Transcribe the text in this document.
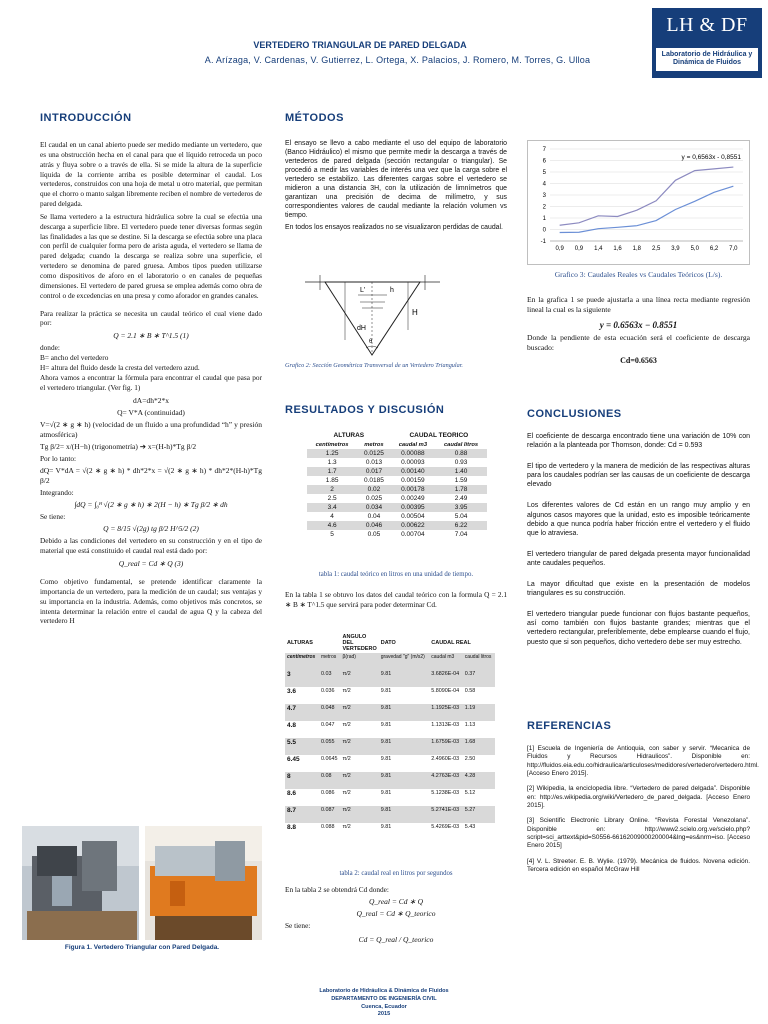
LH & DF
Laboratorio de Hidráulica y Dinámica de Fluidos
VERTEDERO TRIANGULAR DE PARED DELGADA
A. Arízaga, V. Cardenas, V. Gutierrez, L. Ortega, X. Palacios, J. Romero, M. Torres, G. Ulloa
INTRODUCCIÓN

El caudal en un canal abierto puede ser medido mediante un vertedero, que es una obstrucción hecha en el canal para que el líquido retroceda un poco atrás y fluya sobre o a través de ella. Si se mide la altura de la superficie líquida de la corriente arriba es posible determinar el caudal. Los vertederos, construidos con una hoja de metal u otro material, que permitan que el chorro o manto salgan libremente reciben el nombre de vertederos de pared delgada.

Se llama vertedero a la estructura hidráulica sobre la cual se efectúa una descarga a superficie libre. El vertedero puede tener diversas formas según las finalidades a las que se destine. Si la descarga se efectúa sobre una placa con perfil de cualquier forma pero de arista aguda, el vertedero se llama de pared delgada; cuando la descarga se realiza sobre una superficie, el vertedero se denomina de pared gruesa. Ambos tipos pueden utilizarse como dispositivos de aforo en el laboratorio o en canales de pequeñas dimensiones. El vertedero de pared gruesa se emplea además como obra de control o de excedencias en una presa y como aforador en grandes canales.

Para realizar la práctica se necesita un caudal teórico el cual viene dado por:

Q = 2.1 ∗ B ∗ T^1.5 (1)
donde:
B= ancho del vertedero
H= altura del fluido desde la cresta del vertedero azud.

Ahora vamos a encontrar la fórmula para encontrar el caudal que pasa por el vertedero triangular. (Ver fig. 1)

dA=dh*2*x
Q= V*A (continuidad)
V=√(2 ∗ g ∗ h) (velocidad de un fluido a una profundidad “h” y presión atmosférica)
Tg β/2= x/(H−h) (trigonometría) ➔ x=(H-h)*Tg β/2
Por lo tanto:
dQ= V*dA = √(2 ∗ g ∗ h) * dh*2*x = √(2 ∗ g ∗ h) * dh*2*(H-h)*Tg β/2
Integrando:
∫dQ = ∫₀ᴴ √(2 ∗ g ∗ h) ∗ 2(H − h) ∗ Tg β/2 ∗ dh
Se tiene:
Q = 8/15 √(2g) tg β/2 H^5/2 (2)

Debido a las condiciones del vertedero en su construcción y en el tipo de material que está constituido el caudal real está dado por:

Q_real = Cd ∗ Q (3)

Como objetivo fundamental, se pretende identificar claramente la importancia de un vertedero, para la medición de un caudal; sus ventajas y su importancia en la industria. Además, como objetivos más concretos, se intenta determinar la relación entre el caudal de agua Q y la cabeza del vertedero H

Figura 1. Vertedero Triangular con Pared Delgada.
MÉTODOS

El ensayo se llevo a cabo mediante el uso del equipo de laboratorio (Banco Hidráulico) el mismo que permite medir la descarga a través de vertederos de pared delgada (sección rectangular o triangular). Se procedió a medir las variables de interés una vez que la carga sobre el vertedero se estabilizo. Las diferentes cargas sobre el vertedero se midieron a una distancia 3H, con la utilización de limnímetros que garantizan una precisión de decima de milímetro, y sus correspondientes valores de caudal mediante la relación volumen vs tiempo.

En todos los ensayos realizados no se visualizaron perdidas de caudal.

L'	h
H
dH
θ
Grafico 2: Sección Geométrica Transversal de un Vertedero Triangular.
RESULTADOS Y DISCUSIÓN
ALTURAS		CAUDAL TEORICO	
centímetros	metros	caudal m3	caudal litros
1.25	0.0125	0.00088	0.88
1.3	0.013	0.00093	0.93
1.7	0.017	0.00140	1.40
1.85	0.0185	0.00159	1.59
2	0.02	0.00178	1.78
2.5	0.025	0.00249	2.49
3.4	0.034	0.00395	3.95
4	0.04	0.00504	5.04
4.6	0.046	0.00622	6.22
5	0.05	0.00704	7.04
tabla 1: caudal teórico en litros en una unidad de tiempo.
En la tabla 1 se obtuvo los datos del caudal teórico con la formula Q = 2.1 ∗ B ∗ T^1.5 que servirá para poder determinar Cd.
ALTURAS		ANGULO DEL VERTEDERO	DATO	CAUDAL REAL	
centímetros	metros	β(rad)	gravedad "g" (m/s2)	caudal m3	caudal litros
3	0.03	π/2	9.81	3.6826E-04	0.37
3.6	0.036	π/2	9.81	5.8090E-04	0.58
4.7	0.048	π/2	9.81	1.1925E-03	1.19
4.8	0.047	π/2	9.81	1.1313E-03	1.13
5.5	0.055	π/2	9.81	1.6759E-03	1.68
6.45	0.0645	π/2	9.81	2.4960E-03	2.50
8	0.08	π/2	9.81	4.2763E-03	4.28
8.6	0.086	π/2	9.81	5.1238E-03	5.12
8.7	0.087	π/2	9.81	5.2741E-03	5.27
8.8	0.088	π/2	9.81	5.4269E-03	5.43
tabla 2: caudal real en litros por segundos
En la tabla 2 se obtendrá Cd donde:
Q_real = Cd ∗ Q
Q_real = Cd ∗ Q_teorico
Se tiene:
Cd = Q_real / Q_teorico
-1
0
1
2
3
4
5
6
7
0,9 0,9 1,4 1,6 1,8 2,5 3,9 5,0 6,2 7,0
y = 0,6563x - 0,8551
Grafico 3: Caudales Reales vs Caudales Teóricos (L/s).

En la grafica 1 se puede ajustarla a una línea recta mediante regresión lineal la cual es la siguiente

y = 0.6563x − 0.8551

Donde la pendiente de esta ecuación será el coeficiente de descarga buscado:

Cd=0.6563
CONCLUSIONES

El coeficiente de descarga encontrado tiene una variación de 10% con relación a la planteada por Thomson, donde: Cd = 0.593

El tipo de vertedero y la manera de medición de las respectivas alturas para los caudales podrían ser las causas de un coeficiente de descarga elevado

Los diferentes valores de Cd están en un rango muy amplio y en algunos casos mayores que la unidad, esto es imposible teóricamente debido a que nunca podría haber fricción entre el vertedero y el fluido que lo atraviesa.

El vertedero triangular de pared delgada presenta mayor funcionalidad ante caudales pequeños.

La mayor dificultad que existe en la presentación de modelos triangulares es su construcción.

El vertedero triangular puede funcionar con flujos bastante pequeños, así como también con flujos bastante grandes; mientras que el vertedero rectangular, preferiblemente, debe emplearse cuando el flujo, puesto que si son pequeños, dicho vertedero debe ser muy estrecho.

REFERENCIAS

[1] Escuela de Ingeniería de Antioquia, con saber y servir. “Mecanica de Fluidos y Recursos Hidraulicos”. Disponible en: http://fluidos.eia.edu.co/hidraulica/articuloses/medidores/vertedero/vertedero.html. [Acceso Enero 2015].

[2] Wikipedia, la enciclopedia libre. “Vertedero de pared delgada”. Disponible en: http://es.wikipedia.org/wiki/Vertedero_de_pared_delgada. [Acceso Enero 2015].

[3] Scientific Electronic Library Online. “Revista Forestal Venezolana”. Disponible en: http://www2.scielo.org.ve/scielo.php?script=sci_arttext&pid=S0556-66162009000200004&lng=es&nrm=iso. [Acceso Enero 2015]

[4] V. L. Streeter. E. B. Wylie. (1979). Mecánica de fluidos. Novena edición. Tercera edición en español McGraw Hill

Laboratorio de Hidráulica & Dinámica de Fluidos
DEPARTAMENTO DE INGENIERÍA CIVIL
Cuenca, Ecuador
2015
